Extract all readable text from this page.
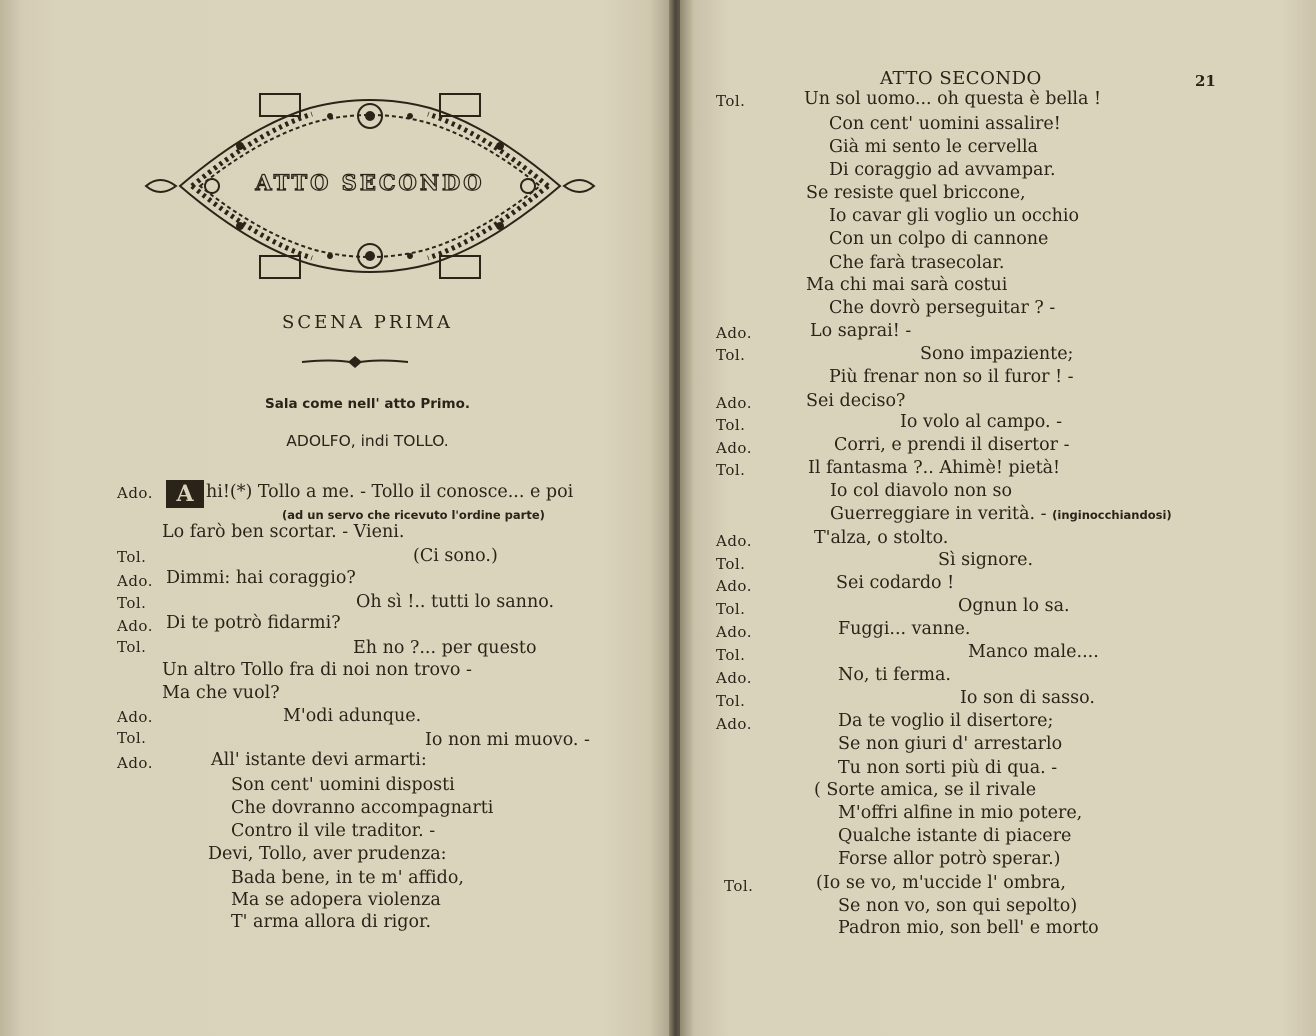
ATTO SECONDO
SCENA PRIMA
Sala come nell' atto Primo.
ADOLFO, indi TOLLO.
Ado.	A hi!(*) Tollo a me. - Tollo il conosce... e poi
(ad un servo che ricevuto l'ordine parte)
Lo farò ben scortar. - Vieni.
Tol.	(Ci sono.)
Ado. Dimmi: hai coraggio?
Tol.	Oh sì !.. tutti lo sanno.
Ado. Di te potrò fidarmi?
Tol.	Eh no ?... per questo
Un altro Tollo fra di noi non trovo -
Ma che vuol?
Ado.	M'odi adunque.
Tol.	Io non mi muovo. -
Ado.	All' istante devi armarti:
Son cent' uomini disposti
Che dovranno accompagnarti
Contro il vile traditor. -
Devi, Tollo, aver prudenza:
Bada bene, in te m' affido,
Ma se adopera violenza
T' arma allora di rigor.
ATTO SECONDO	21
Tol.	Un sol uomo... oh questa è bella !
Con cent' uomini assalire!
Già mi sento le cervella
Di coraggio ad avvampar.
Se resiste quel briccone,
Io cavar gli voglio un occhio
Con un colpo di cannone
Che farà trasecolar.
Ma chi mai sarà costui
Che dovrò perseguitar ? -
Ado.	Lo saprai! -
Tol.	Sono impaziente;
Più frenar non so il furor ! -
Ado.	Sei deciso?
Tol.	Io volo al campo. -
Ado.	Corri, e prendi il disertor -
Tol.	Il fantasma ?.. Ahimè! pietà!
Io col diavolo non so
Guerreggiare in verità. - (inginocchiandosi)
Ado.	T'alza, o stolto.
Tol.	Sì signore.
Ado.	Sei codardo !
Tol.	Ognun lo sa.
Ado.	Fuggi... vanne.
Tol.	Manco male....
Ado.	No, ti ferma.
Tol.	Io son di sasso.
Ado.	Da te voglio il disertore;
Se non giuri d' arrestarlo
Tu non sorti più di qua. -
( Sorte amica, se il rivale
M'offri alfine in mio potere,
Qualche istante di piacere
Forse allor potrò sperar.)
Tol.	(Io se vo, m'uccide l' ombra,
Se non vo, son qui sepolto)
Padron mio, son bell' e morto
